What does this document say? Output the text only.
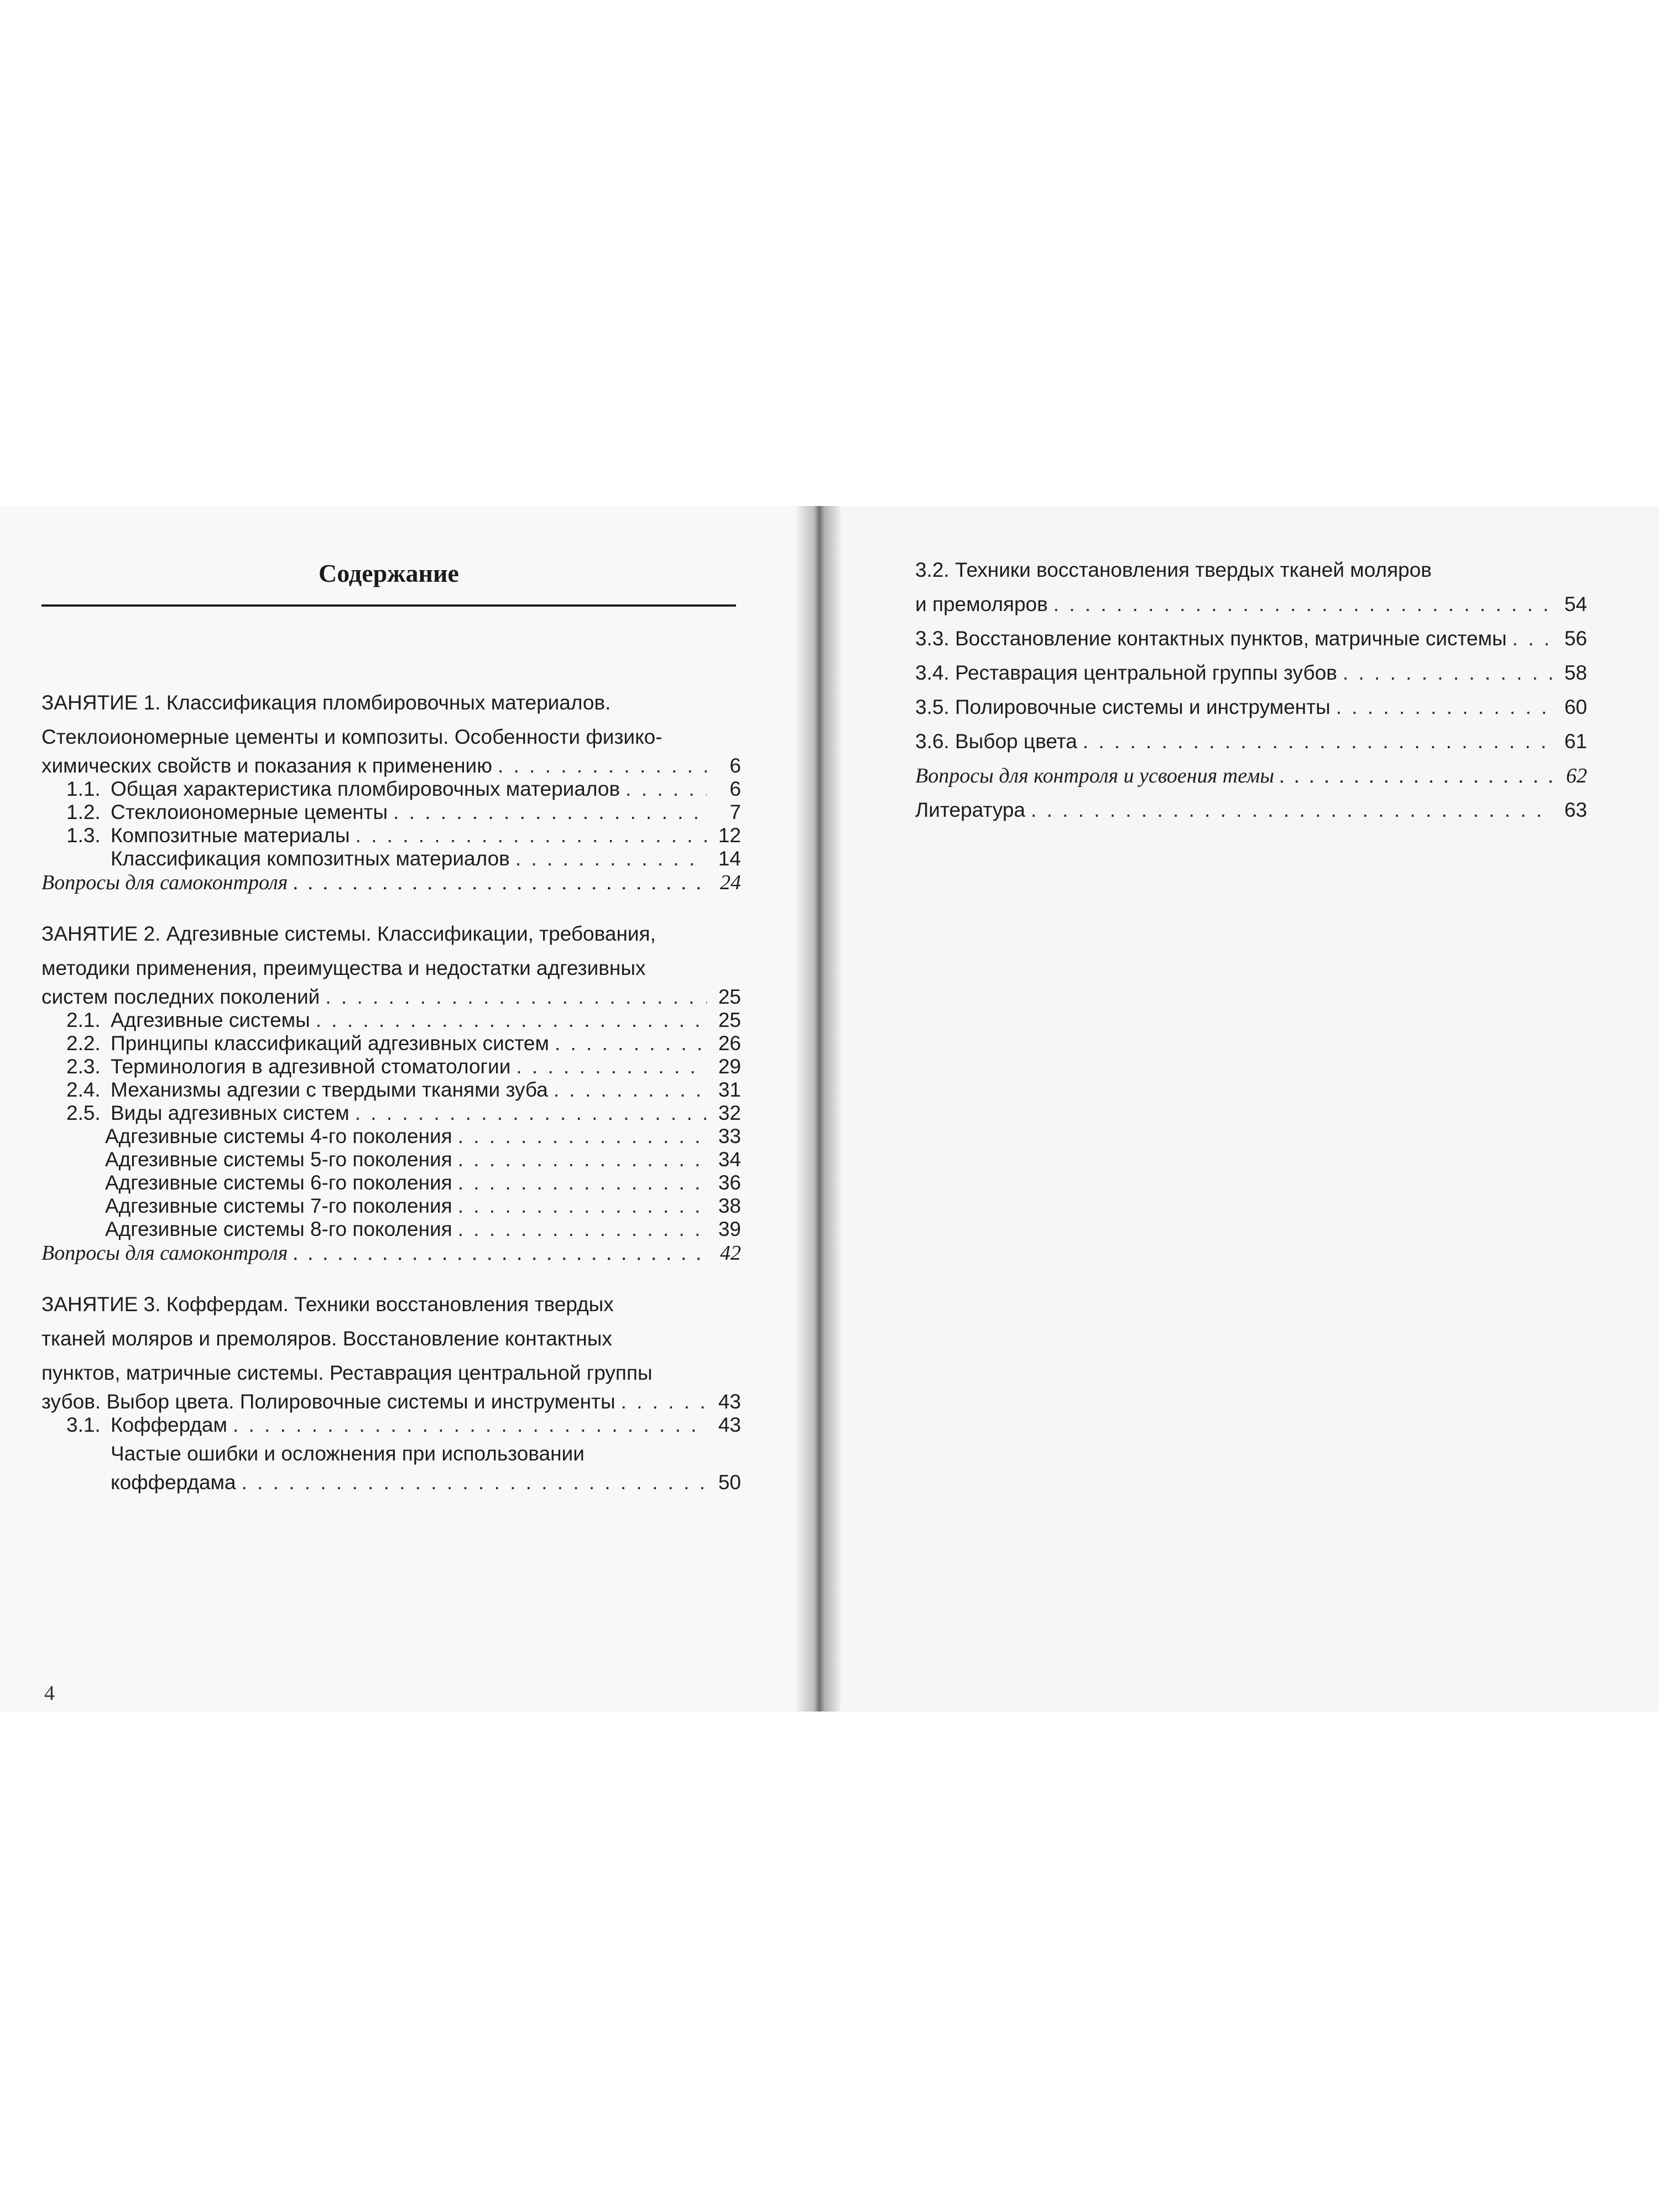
Содержание
ЗАНЯТИЕ 1. Классификация пломбировочных материалов.
Стеклоиономерные цементы и композиты. Особенности физико-
химических свойств и показания к применению . . .	6
1.1. Общая характеристика пломбировочных материалов . . .	6
1.2. Стеклоиономерные цементы . . .	7
1.3. Композитные материалы . . .	12
Классификация композитных материалов . . .	14
Вопросы для самоконтроля . . .	24
ЗАНЯТИЕ 2. Адгезивные системы. Классификации, требования,
методики применения, преимущества и недостатки адгезивных
систем последних поколений . . .	25
2.1. Адгезивные системы . . .	25
2.2. Принципы классификаций адгезивных систем . . .	26
2.3. Терминология в адгезивной стоматологии . . .	29
2.4. Механизмы адгезии с твердыми тканями зуба . . .	31
2.5. Виды адгезивных систем . . .	32
Адгезивные системы 4-го поколения . . .	33
Адгезивные системы 5-го поколения . . .	34
Адгезивные системы 6-го поколения . . .	36
Адгезивные системы 7-го поколения . . .	38
Адгезивные системы 8-го поколения . . .	39
Вопросы для самоконтроля . . .	42
ЗАНЯТИЕ 3. Коффердам. Техники восстановления твердых
тканей моляров и премоляров. Восстановление контактных
пунктов, матричные системы. Реставрация центральной группы
зубов. Выбор цвета. Полировочные системы и инструменты . . .	43
3.1. Коффердам . . .	43
Частые ошибки и осложнения при использовании
коффердама . . .	50
3.2. Техники восстановления твердых тканей моляров
и премоляров . . .	54
3.3. Восстановление контактных пунктов, матричные системы . . .	56
3.4. Реставрация центральной группы зубов . . .	58
3.5. Полировочные системы и инструменты . . .	60
3.6. Выбор цвета . . .	61
Вопросы для контроля и усвоения темы . . .	62
Литература . . .	63
4
